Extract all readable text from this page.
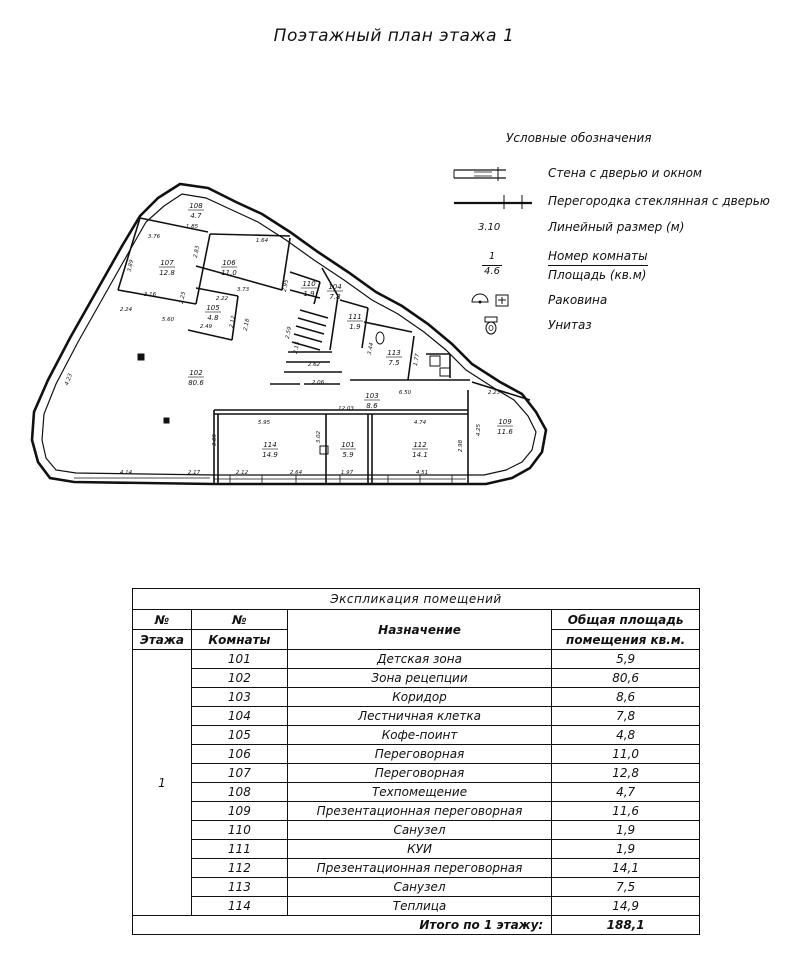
Поэтажный план этажа 1
Условные обозначения
Стена с дверью и окном
Перегородка стеклянная с дверью
3.10	Линейный размер (м)
1
4.6
Номер комнаты
Площадь (кв.м)
Раковина
Унитаз
101
5.9
102
80.6
103
8.6
104
7.8
105
4.8
106
11.0
107
12.8
108
4.7
109
11.6
110
1.9
111
1.9
112
14.1
113
7.5
114
14.9
3.76
1.85
1.64
2.83
3.73
3.89
2.25
3.16
2.22
5.60
2.49	2.12 2.18
2.24
4.23
2.95
2.59
2.15
2.62
2.06
5.95
3.05	3.02
12.03
6.50
4.74
4.25
2.23
2.98
4.14	2.17	2.12	2.64	1.97	4.51
3.44
1.77
Экспликация помещений			
№	№	Назначение	Общая площадь
Этажа	Комнаты		помещения кв.м.
1	101	Детская зона	5,9
	102	Зона рецепции	80,6
	103	Коридор	8,6
	104	Лестничная клетка	7,8
	105	Кофе-поинт	4,8
	106	Переговорная	11,0
	107	Переговорная	12,8
	108	Техпомещение	4,7
	109	Презентационная переговорная	11,6
	110	Санузел	1,9
	111	КУИ	1,9
	112	Презентационная переговорная	14,1
	113	Санузел	7,5
	114	Теплица	14,9
Итого по 1 этажу:			188,1
